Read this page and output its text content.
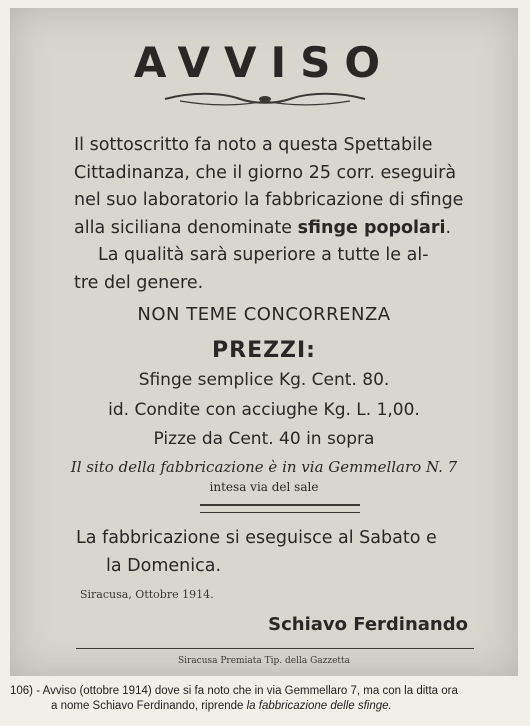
AVVISO
Il sottoscritto fa noto a questa Spettabile
Cittadinanza, che il giorno 25 corr. eseguirà
nel suo laboratorio la fabbricazione di sfinge
alla siciliana denominate sfinge popolari.
La qualità sarà superiore a tutte le al-
tre del genere.
NON TEME CONCORRENZA
PREZZI:
Sfinge semplice Kg. Cent. 80.
id. Condite con acciughe Kg. L. 1,00.
Pizze da Cent. 40 in sopra
Il sito della fabbricazione è in via Gemmellaro N. 7
intesa via del sale
La fabbricazione si eseguisce al Sabato e
la Domenica.
Siracusa, Ottobre 1914.
Schiavo Ferdinando
Siracusa Premiata Tip. della Gazzetta
106) - Avviso (ottobre 1914) dove si fa noto che in via Gemmellaro 7, ma con la ditta ora
a nome Schiavo Ferdinando, riprende la fabbricazione delle sfinge.
